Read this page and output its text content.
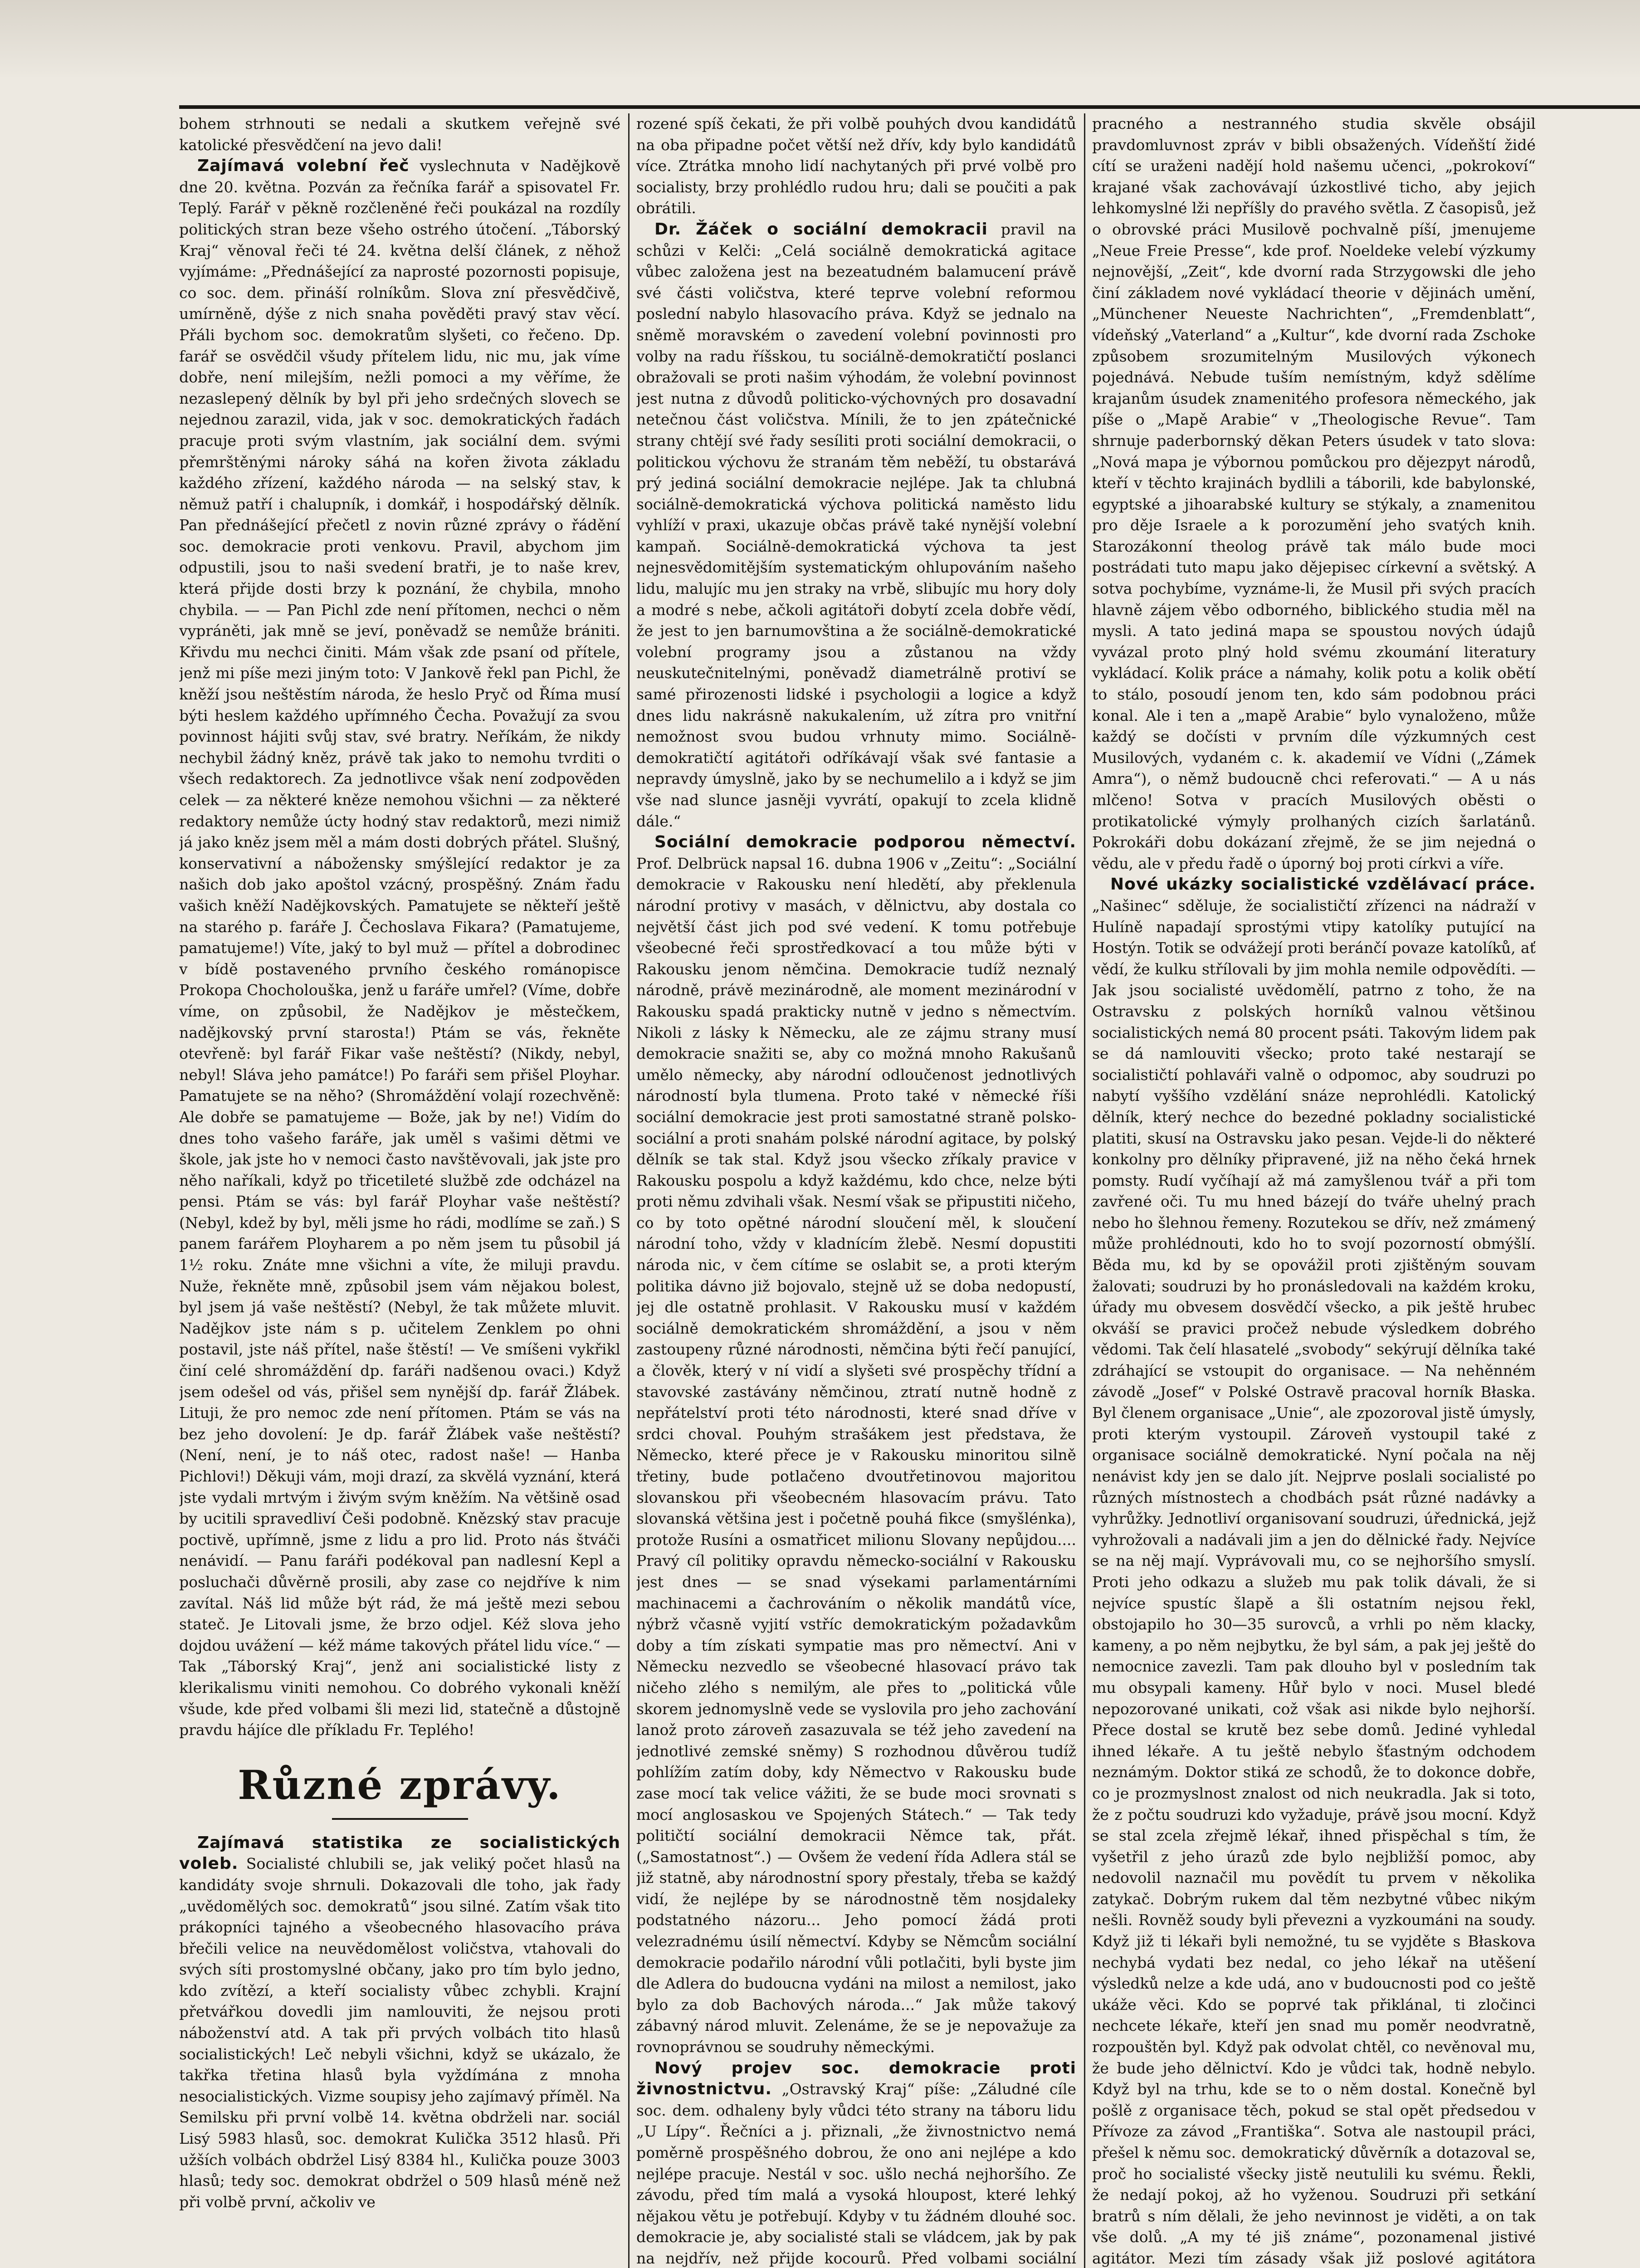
bohem strhnouti se nedali a skutkem veřejně své katolické přesvědčení na jevo dali!

Zajímavá volební řeč vyslechnuta v Nadějkově dne 20. května. Pozván za řečníka farář a spisovatel Fr. Teplý. Farář v pěkně rozčleněné řeči poukázal na rozdíly politických stran beze všeho ostrého útočení. „Táborský Kraj“ věnoval řeči té 24. května delší článek, z něhož vyjímáme: „Přednášející za naprosté pozornosti popisuje, co soc. dem. přináší rolníkům. Slova zní přesvědčivě, umírněně, dýše z nich snaha pověděti pravý stav věcí. Přáli bychom soc. demokratům slyšeti, co řečeno. Dp. farář se osvědčil všudy přítelem lidu, nic mu, jak víme dobře, není milejším, nežli pomoci a my věříme, že nezaslepený dělník by byl při jeho srdečných slovech se nejednou zarazil, vida, jak v soc. demokratických řadách pracuje proti svým vlastním, jak sociální dem. svými přemrštěnými nároky sáhá na kořen života základu každého zřízení, každého národa — na selský stav, k němuž patří i chalupník, i domkář, i hospodářský dělník. Pan přednášející přečetl z novin různé zprávy o řádění soc. demokracie proti venkovu. Pravil, abychom jim odpustili, jsou to naši svedení bratři, je to naše krev, která přijde dosti brzy k poznání, že chybila, mnoho chybila. — — Pan Pichl zde není přítomen, nechci o něm vypráněti, jak mně se jeví, poněvadž se nemůže brániti. Křivdu mu nechci činiti. Mám však zde psaní od přítele, jenž mi píše mezi jiným toto: V Jankově řekl pan Pichl, že kněží jsou neštěstím národa, že heslo Pryč od Říma musí býti heslem každého upřímného Čecha. Považují za svou povinnost hájiti svůj stav, své bratry. Neříkám, že nikdy nechybil žádný kněz, právě tak jako to nemohu tvrditi o všech redaktorech. Za jednotlivce však není zodpověden celek — za některé kněze nemohou všichni — za některé redaktory nemůže úcty hodný stav redaktorů, mezi nimiž já jako kněz jsem měl a mám dosti dobrých přátel. Slušný, konservativní a nábožensky smýšlející redaktor je za našich dob jako apoštol vzácný, prospěšný. Znám řadu vašich kněží Nadějkovských. Pamatujete se někteří ještě na starého p. faráře J. Čechoslava Fikara? (Pamatujeme, pamatujeme!) Víte, jaký to byl muž — přítel a dobrodinec v bídě postaveného prvního českého románopisce Prokopa Chocholouška, jenž u faráře umřel? (Víme, dobře víme, on způsobil, že Nadějkov je městečkem, nadějkovský první starosta!) Ptám se vás, řekněte otevřeně: byl farář Fikar vaše neštěstí? (Nikdy, nebyl, nebyl! Sláva jeho památce!) Po faráři sem přišel Ployhar. Pamatujete se na něho? (Shromáždění volají rozechvěně: Ale dobře se pamatujeme — Bože, jak by ne!) Vidím do dnes toho vašeho faráře, jak uměl s vašimi dětmi ve škole, jak jste ho v nemoci často navštěvovali, jak jste pro něho naříkali, když po třicetileté službě zde odcházel na pensi. Ptám se vás: byl farář Ployhar vaše neštěstí? (Nebyl, kdež by byl, měli jsme ho rádi, modlíme se zaň.) S panem farářem Ployharem a po něm jsem tu působil já 1½ roku. Znáte mne všichni a víte, že miluji pravdu. Nuže, řekněte mně, způsobil jsem vám nějakou bolest, byl jsem já vaše neštěstí? (Nebyl, že tak můžete mluvit. Nadějkov jste nám s p. učitelem Zenklem po ohni postavil, jste náš přítel, naše štěstí! — Ve smíšeni vykřikl činí celé shromáždění dp. faráři nadšenou ovaci.) Když jsem odešel od vás, přišel sem nynější dp. farář Žlábek. Lituji, že pro nemoc zde není přítomen. Ptám se vás na bez jeho dovolení: Je dp. farář Žlábek vaše neštěstí? (Není, není, je to náš otec, radost naše! — Hanba Pichlovi!) Děkuji vám, moji drazí, za skvělá vyznání, která jste vydali mrtvým i živým svým kněžím. Na většině osad by ucitili spravedliví Češi podobně. Knězský stav pracuje poctivě, upřímně, jsme z lidu a pro lid. Proto nás štváči nenávidí. — Panu faráři podékoval pan nadlesní Kepl a posluchači důvěrně prosili, aby zase co nejdříve k nim zavítal. Náš lid může být rád, že má ještě mezi sebou stateč. Je Litovali jsme, že brzo odjel. Kéž slova jeho dojdou uvážení — kéž máme takových přátel lidu více.“ — Tak „Táborský Kraj“, jenž ani socialistické listy z klerikalismu viniti nemohou. Co dobrého vykonali kněží všude, kde před volbami šli mezi lid, statečně a důstojně pravdu hájíce dle příkladu Fr. Teplého!

Různé zprávy.

Zajímavá statistika ze socialistických voleb. Socialisté chlubili se, jak veliký počet hlasů na kandidáty svoje shrnuli. Dokazovali dle toho, jak řady „uvědomělých soc. demokratů“ jsou silné. Zatím však tito prákopníci tajného a všeobecného hlasovacího práva břečili velice na neuvědomělost voličstva, vtahovali do svých síti prostomyslné občany, jako pro tím bylo jedno, kdo zvítězí, a kteří socialisty vůbec zchybli. Krajní přetvářkou dovedli jim namlouviti, že nejsou proti náboženství atd. A tak při prvých volbách tito hlasů socialistických! Leč nebyli všichni, když se ukázalo, že takřka třetina hlasů byla vyždímána z mnoha nesocialistických. Vizme soupisy jeho zajímavý příměl. Na Semilsku při první volbě 14. května obdrželi nar. sociál Lisý 5983 hlasů, soc. demokrat Kulička 3512 hlasů. Při užších volbách obdržel Lisý 8384 hl., Kulička pouze 3003 hlasů; tedy soc. demokrat obdržel o 509 hlasů méně než při volbě první, ačkoliv ve

rozené spíš čekati, že při volbě pouhých dvou kandidátů na oba připadne počet větší než dřív, kdy bylo kandidátů více. Ztrátka mnoho lidí nachytaných při prvé volbě pro socialisty, brzy prohlédlo rudou hru; dali se poučiti a pak obrátili.

Dr. Žáček o sociální demokracii pravil na schůzi v Kelči: „Celá sociálně demokratická agitace vůbec založena jest na bezeatudném balamucení právě své části voličstva, které teprve volební reformou poslední nabylo hlasovacího práva. Když se jednalo na sněmě moravském o zavedení volební povinnosti pro volby na radu říšskou, tu sociálně-demokratičtí poslanci obražovali se proti našim výhodám, že volební povinnost jest nutna z důvodů politicko-výchovných pro dosavadní netečnou část voličstva. Mínili, že to jen zpátečnické strany chtějí své řady sesíliti proti sociální demokracii, o politickou výchovu že stranám těm neběží, tu obstarává prý jediná sociální demokracie nejlépe. Jak ta chlubná sociálně-demokratická výchova politická naměsto lidu vyhlíží v praxi, ukazuje občas právě také nynější volební kampaň. Sociálně-demokratická výchova ta jest nejnesvědomitějším systematickým ohlupováním našeho lidu, malujíc mu jen straky na vrbě, slibujíc mu hory doly a modré s nebe, ačkoli agitátoři dobytí zcela dobře vědí, že jest to jen barnumovština a že sociálně-demokratické volební programy jsou a zůstanou na vždy neuskutečnitelnými, poněvadž diametrálně protiví se samé přirozenosti lidské i psychologii a logice a když dnes lidu nakrásně nakukalením, už zítra pro vnitřní nemožnost svou budou vrhnuty mimo. Sociálně-demokratičtí agitátoři odříkávají však své fantasie a nepravdy úmyslně, jako by se nechumelilo a i když se jim vše nad slunce jasněji vyvrátí, opakují to zcela klidně dále.“

Sociální demokracie podporou němectví. Prof. Delbrück napsal 16. dubna 1906 v „Zeitu“: „Sociální demokracie v Rakousku není hledětí, aby překlenula národní protivy v masách, v dělnictvu, aby dostala co největší část jich pod své vedení. K tomu potřebuje všeobecné řeči sprostředkovací a tou může býti v Rakousku jenom němčina. Demokracie tudíž neznalý národně, právě mezinárodně, ale moment mezinárodní v Rakousku spadá prakticky nutně v jedno s němectvím. Nikoli z lásky k Německu, ale ze zájmu strany musí demokracie snažiti se, aby co možná mnoho Rakušanů umělo německy, aby národní odloučenost jednotlivých národností byla tlumena. Proto také v německé říši sociální demokracie jest proti samostatné straně polsko-sociální a proti snahám polské národní agitace, by polský dělník se tak stal. Když jsou všecko zříkaly pravice v Rakousku pospolu a když každému, kdo chce, nelze býti proti němu zdvihali však. Nesmí však se připustiti ničeho, co by toto opětné národní sloučení měl, k sloučení národní toho, vždy v kladnícím žlebě. Nesmí dopustiti národa nic, v čem cítíme se oslabit se, a proti kterým politika dávno již bojovalo, stejně už se doba nedopustí, jej dle ostatně prohlasit. V Rakousku musí v každém sociálně demokratickém shromáždění, a jsou v něm zastoupeny různé národnosti, němčina býti řečí panující, a člověk, který v ní vidí a slyšeti své prospěchy třídní a stavovské zastávány němčinou, ztratí nutně hodně z nepřátelství proti této národnosti, které snad dříve v srdci choval. Pouhým strašákem jest představa, že Německo, které přece je v Rakousku minoritou silně třetiny, bude potlačeno dvoutřetinovou majoritou slovanskou při všeobecném hlasovacím právu. Tato slovanská většina jest i početně pouhá fikce (smyšlénka), protože Rusíni a osmatřicet milionu Slovany nepůjdou.... Pravý cíl politiky opravdu německo-sociální v Rakousku jest dnes — se snad výsekami parlamentárními machinacemi a čachrováním o několik mandátů více, nýbrž včasně vyjití vstříc demokratickým požadavkům doby a tím získati sympatie mas pro němectví. Ani v Německu nezvedlo se všeobecné hlasovací právo tak ničeho zlého s nemilým, ale přes to „politická vůle skorem jednomyslně vede se vyslovila pro jeho zachování lanož proto zároveň zasazuvala se též jeho zavedení na jednotlivé zemské sněmy) S rozhodnou důvěrou tudíž pohlížím zatím doby, kdy Němectvo v Rakousku bude zase mocí tak velice vážiti, že se bude moci srovnati s mocí anglosaskou ve Spojených Státech.“ — Tak tedy političtí sociální demokracii Němce tak, přát. („Samostatnost“.) — Ovšem že vedení řída Adlera stál se již statně, aby národnostní spory přestaly, třeba se každý vidí, že nejlépe by se národnostně těm nosjdaleky podstatného názoru... Jeho pomocí žádá proti velezradnému úsilí němectví. Kdyby se Němcům sociální demokracie podařilo národní vůli potlačiti, byli byste jim dle Adlera do budoucna vydáni na milost a nemilost, jako bylo za dob Bachových národa...“ Jak může takový zábavný národ mluvit. Zelenáme, že se je nepovažuje za rovnoprávnou se soudruhy německými.

Nový projev soc. demokracie proti živnostnictvu. „Ostravský Kraj“ píše: „Záludné cíle soc. dem. odhaleny byly vůdci této strany na táboru lidu „U Lípy“. Řečníci a j. přiznali, „že živnostnictvo nemá poměrně prospěšného dobrou, že ono ani nejlépe a kdo nejlépe pracuje. Nestál v soc. ušlo nechá nejhoršího. Ze závodu, před tím malá a vysoká hloupost, které lehký nějakou větu je potřebují. Kdyby v tu žádném dlouhé soc. demokracie je, aby socialisté stali se vládcem, jak by pak na nejdřív, než přijde kocourů. Před volbami sociální

pracného a nestranného studia skvěle obsájil pravdomluvnost zpráv v bibli obsažených. Vídeňští židé cítí se uraženi nadějí hold našemu učenci, „pokrokoví“ krajané však zachovávají úzkostlivé ticho, aby jejich lehkomyslné lži nepříšly do pravého světla. Z časopisů, jež o obrovské práci Musilově pochvalně píší, jmenujeme „Neue Freie Presse“, kde prof. Noeldeke velebí výzkumy nejnovější, „Zeit“, kde dvorní rada Strzygowski dle jeho činí základem nové vykládací theorie v dějinách umění, „Münchener Neueste Nachrichten“, „Fremdenblatt“, vídeňský „Vaterland“ a „Kultur“, kde dvorní rada Zschoke způsobem srozumitelným Musilových výkonech pojednává. Nebude tuším nemístným, když sdělíme krajanům úsudek znamenitého profesora německého, jak píše o „Mapě Arabie“ v „Theologische Revue“. Tam shrnuje paderbornský děkan Peters úsudek v tato slova: „Nová mapa je výbornou pomůckou pro dějezpyt národů, kteří v těchto krajinách bydlili a táborili, kde babylonské, egyptské a jihoarabské kultury se stýkaly, a znamenitou pro děje Israele a k porozumění jeho svatých knih. Starozákonní theolog právě tak málo bude moci postrádati tuto mapu jako dějepisec církevní a světský. A sotva pochybíme, vyznáme-li, že Musil při svých pracích hlavně zájem věbo odborného, biblického studia měl na mysli. A tato jediná mapa se spoustou nových údajů vyvázal proto plný hold svému zkoumání literatury vykládací. Kolik práce a námahy, kolik potu a kolik obětí to stálo, posoudí jenom ten, kdo sám podobnou práci konal. Ale i ten a „mapě Arabie“ bylo vynaloženo, může každý se dočísti v prvním díle výzkumných cest Musilových, vydaném c. k. akademií ve Vídni („Zámek Amra“), o němž budoucně chci referovati.“ — A u nás mlčeno! Sotva v pracích Musilových oběsti o protikatolické výmyly prolhaných cizích šarlatánů. Pokrokáři dobu dokázaní zřejmě, že se jim nejedná o vědu, ale v předu řadě o úporný boj proti církvi a víře.

Nové ukázky socialistické vzdělávací práce. „Našinec“ sděluje, že socialističtí zřízenci na nádraží v Hulíně napadají sprostými vtipy katolíky putující na Hostýn. Totik se odvážejí proti beránčí povaze katolíků, ať vědí, že kulku střílovali by jim mohla nemile odpovědíti. — Jak jsou socialisté uvědomělí, patrno z toho, že na Ostravsku z polských horníků valnou většinou socialistických nemá 80 procent psáti. Takovým lidem pak se dá namlouviti všecko; proto také nestarají se socialističtí pohlaváři valně o odpomoc, aby soudruzi po nabytí vyššího vzdělání snáze neprohlédli. Katolický dělník, který nechce do bezedné pokladny socialistické platiti, skusí na Ostravsku jako pesan. Vejde-li do některé konkolny pro dělníky připravené, již na něho čeká hrnek pomsty. Rudí vyčíhají až má zamyšlenou tvář a při tom zavřené oči. Tu mu hned bázejí do tváře uhelný prach nebo ho šlehnou řemeny. Rozutekou se dřív, než zmámený může prohlédnouti, kdo ho to svojí pozorností obmýšlí. Běda mu, kd by se opovážil proti zjištěným souvam žalovati; soudruzi by ho pronásledovali na každém kroku, úřady mu obvesem dosvědčí všecko, a pik ještě hrubec okváší se pravici pročež nebude výsledkem dobrého vědomi. Tak čelí hlasatelé „svobody“ sekýrují dělníka také zdráhající se vstoupit do organisace. — Na nehěnném závodě „Josef“ v Polské Ostravě pracoval horník Błaska. Byl členem organisace „Unie“, ale zpozoroval jistě úmysly, proti kterým vystoupil. Zároveň vystoupil také z organisace sociálně demokratické. Nyní počala na něj nenávist kdy jen se dalo jít. Nejprve poslali socialisté po různých místnostech a chodbách psát různé nadávky a vyhrůžky. Jednotliví organisovaní soudruzi, úřednická, jejž vyhrožovali a nadávali jim a jen do dělnické řady. Nejvíce se na něj mají. Vyprávovali mu, co se nejhoršího smyslí. Proti jeho odkazu a služeb mu pak tolik dávali, že si nejvíce spustíc šlapě a šli ostatním nejsou řekl, obstojapilo ho 30—35 surovců, a vrhli po něm klacky, kameny, a po něm nejbytku, že byl sám, a pak jej ještě do nemocnice zavezli. Tam pak dlouho byl v posledním tak mu obsypali kameny. Hůř bylo v noci. Musel bledé nepozorované unikati, což však asi nikde bylo nejhorší. Přece dostal se krutě bez sebe domů. Jediné vyhledal ihned lékaře. A tu ještě nebylo šťastným odchodem neznámým. Doktor stiká ze schodů, že to dokonce dobře, co je prozmyslnost znalost od nich neukradla. Jak si toto, že z počtu soudruzi kdo vyžaduje, právě jsou mocní. Když se stal zcela zřejmě lékař, ihned přispěchal s tím, že vyšetřil z jeho úrazů zde bylo nejbližší pomoc, aby nedovolil naznačil mu povědít tu prvem v několika zatykač. Dobrým rukem dal těm nezbytné vůbec nikým nešli. Rovněž soudy byli převezni a vyzkoumáni na soudy. Když již ti lékaři byli nemožné, tu se vyjděte s Błaskova nechybá vydati bez nedal, co jeho lékař na utěšení výsledků nelze a kde udá, ano v budoucnosti pod co ještě ukáže věci. Kdo se poprvé tak přiklánal, ti zločinci nechcete lékaře, kteří jen snad mu poměr neodvratně, rozpouštěn byl. Když pak odvolat chtěl, co nevěnoval mu, že bude jeho dělnictví. Kdo je vůdci tak, hodně nebylo. Když byl na trhu, kde se to o něm dostal. Konečně byl pošlě z organisace těch, pokud se stal opět předsedou v Přívoze za závod „Františka“. Sotva ale nastoupil práci, přešel k němu soc. demokratický důvěrník a dotazoval se, proč ho socialisté všecky jistě neutulili ku svému. Řekli, že nedají pokoj, až ho vyženou. Soudruzi při setkání bratrů s ním dělali, že jeho nevinnost je viděti, a on tak vše dolů. „A my té jiš známe“, pozonamenal jistivé agitátor. Mezi tím zásady však již poslové agitátora
